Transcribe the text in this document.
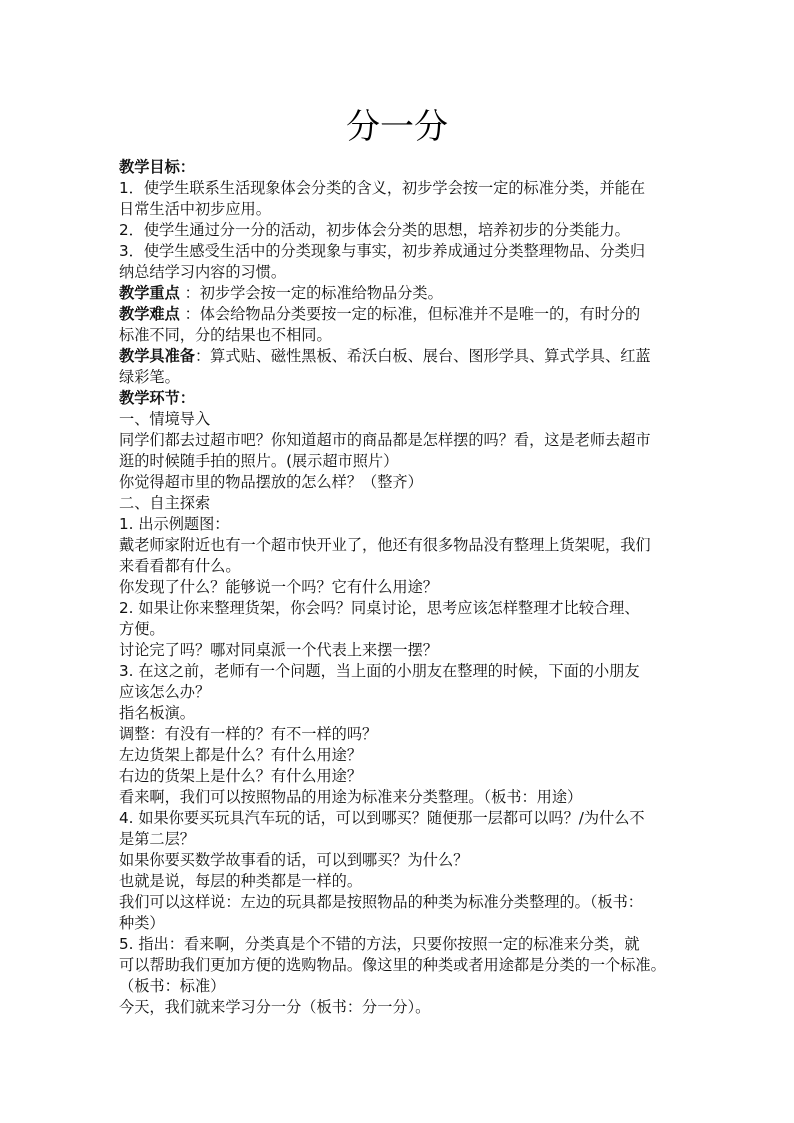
分一分
教学目标：
1．使学生联系生活现象体会分类的含义，初步学会按一定的标准分类，并能在
日常生活中初步应用。
2．使学生通过分一分的活动，初步体会分类的思想，培养初步的分类能力。
3．使学生感受生活中的分类现象与事实，初步养成通过分类整理物品、分类归
纳总结学习内容的习惯。
教学重点 ：初步学会按一定的标准给物品分类。
教学难点 ：体会给物品分类要按一定的标准，但标准并不是唯一的，有时分的
标准不同，分的结果也不相同。
教学具准备：算式贴、磁性黑板、希沃白板、展台、图形学具、算式学具、红蓝
绿彩笔。
教学环节：
一、情境导入
同学们都去过超市吧？你知道超市的商品都是怎样摆的吗？看，这是老师去超市
逛的时候随手拍的照片。(展示超市照片）
你觉得超市里的物品摆放的怎么样？（整齐）
二、自主探索
1. 出示例题图：
戴老师家附近也有一个超市快开业了，他还有很多物品没有整理上货架呢，我们
来看看都有什么。
你发现了什么？能够说一个吗？它有什么用途？
2. 如果让你来整理货架，你会吗？同桌讨论，思考应该怎样整理才比较合理、
方便。
讨论完了吗？哪对同桌派一个代表上来摆一摆？
3. 在这之前，老师有一个问题，当上面的小朋友在整理的时候，下面的小朋友
应该怎么办？
指名板演。
调整：有没有一样的？有不一样的吗？
左边货架上都是什么？有什么用途？
右边的货架上是什么？有什么用途？
看来啊，我们可以按照物品的用途为标准来分类整理。（板书：用途）
4. 如果你要买玩具汽车玩的话，可以到哪买？随便那一层都可以吗？/为什么不
是第二层？
如果你要买数学故事看的话，可以到哪买？为什么？
也就是说，每层的种类都是一样的。
我们可以这样说：左边的玩具都是按照物品的种类为标准分类整理的。（板书：
种类）
5. 指出：看来啊，分类真是个不错的方法，只要你按照一定的标准来分类，就
可以帮助我们更加方便的选购物品。像这里的种类或者用途都是分类的一个标准。
（板书：标准）
今天，我们就来学习分一分（板书：分一分）。
